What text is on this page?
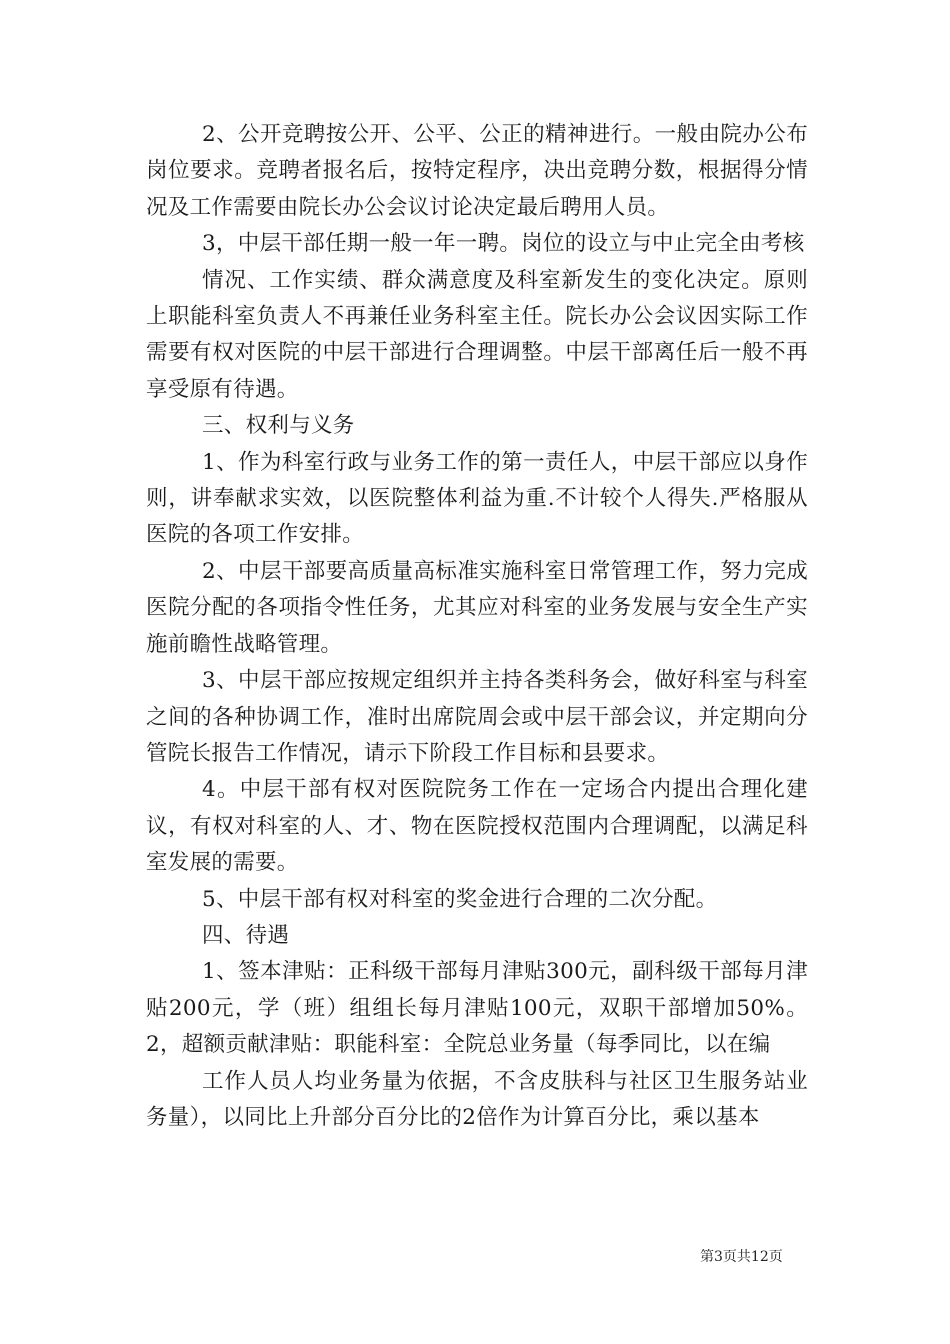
2、公开竞聘按公开、公平、公正的精神进行。一般由院办公布岗位要求。竞聘者报名后，按特定程序，决出竞聘分数，根据得分情况及工作需要由院长办公会议讨论决定最后聘用人员。

3，中层干部任期一般一年一聘。岗位的设立与中止完全由考核

情况、工作实绩、群众满意度及科室新发生的变化决定。原则上职能科室负责人不再兼任业务科室主任。院长办公会议因实际工作需要有权对医院的中层干部进行合理调整。中层干部离任后一般不再享受原有待遇。

三、权利与义务

1、作为科室行政与业务工作的第一责任人，中层干部应以身作则，讲奉献求实效，以医院整体利益为重.不计较个人得失.严格服从医院的各项工作安排。

2、中层干部要高质量高标准实施科室日常管理工作，努力完成医院分配的各项指令性任务，尤其应对科室的业务发展与安全生产实施前瞻性战略管理。

3、中层干部应按规定组织并主持各类科务会，做好科室与科室之间的各种协调工作，准时出席院周会或中层干部会议，并定期向分管院长报告工作情况，请示下阶段工作目标和县要求。

4。中层干部有权对医院院务工作在一定场合内提出合理化建议，有权对科室的人、才、物在医院授权范围内合理调配，以满足科室发展的需要。

5、中层干部有权对科室的奖金进行合理的二次分配。

四、待遇

1、签本津贴：正科级干部每月津贴300元，副科级干部每月津贴200元，学（班）组组长每月津贴100元，双职干部增加50%。2，超额贡献津贴：职能科室：全院总业务量（每季同比，以在编

工作人员人均业务量为依据，不含皮肤科与社区卫生服务站业务量），以同比上升部分百分比的2倍作为计算百分比，乘以基本

第3页共12页
